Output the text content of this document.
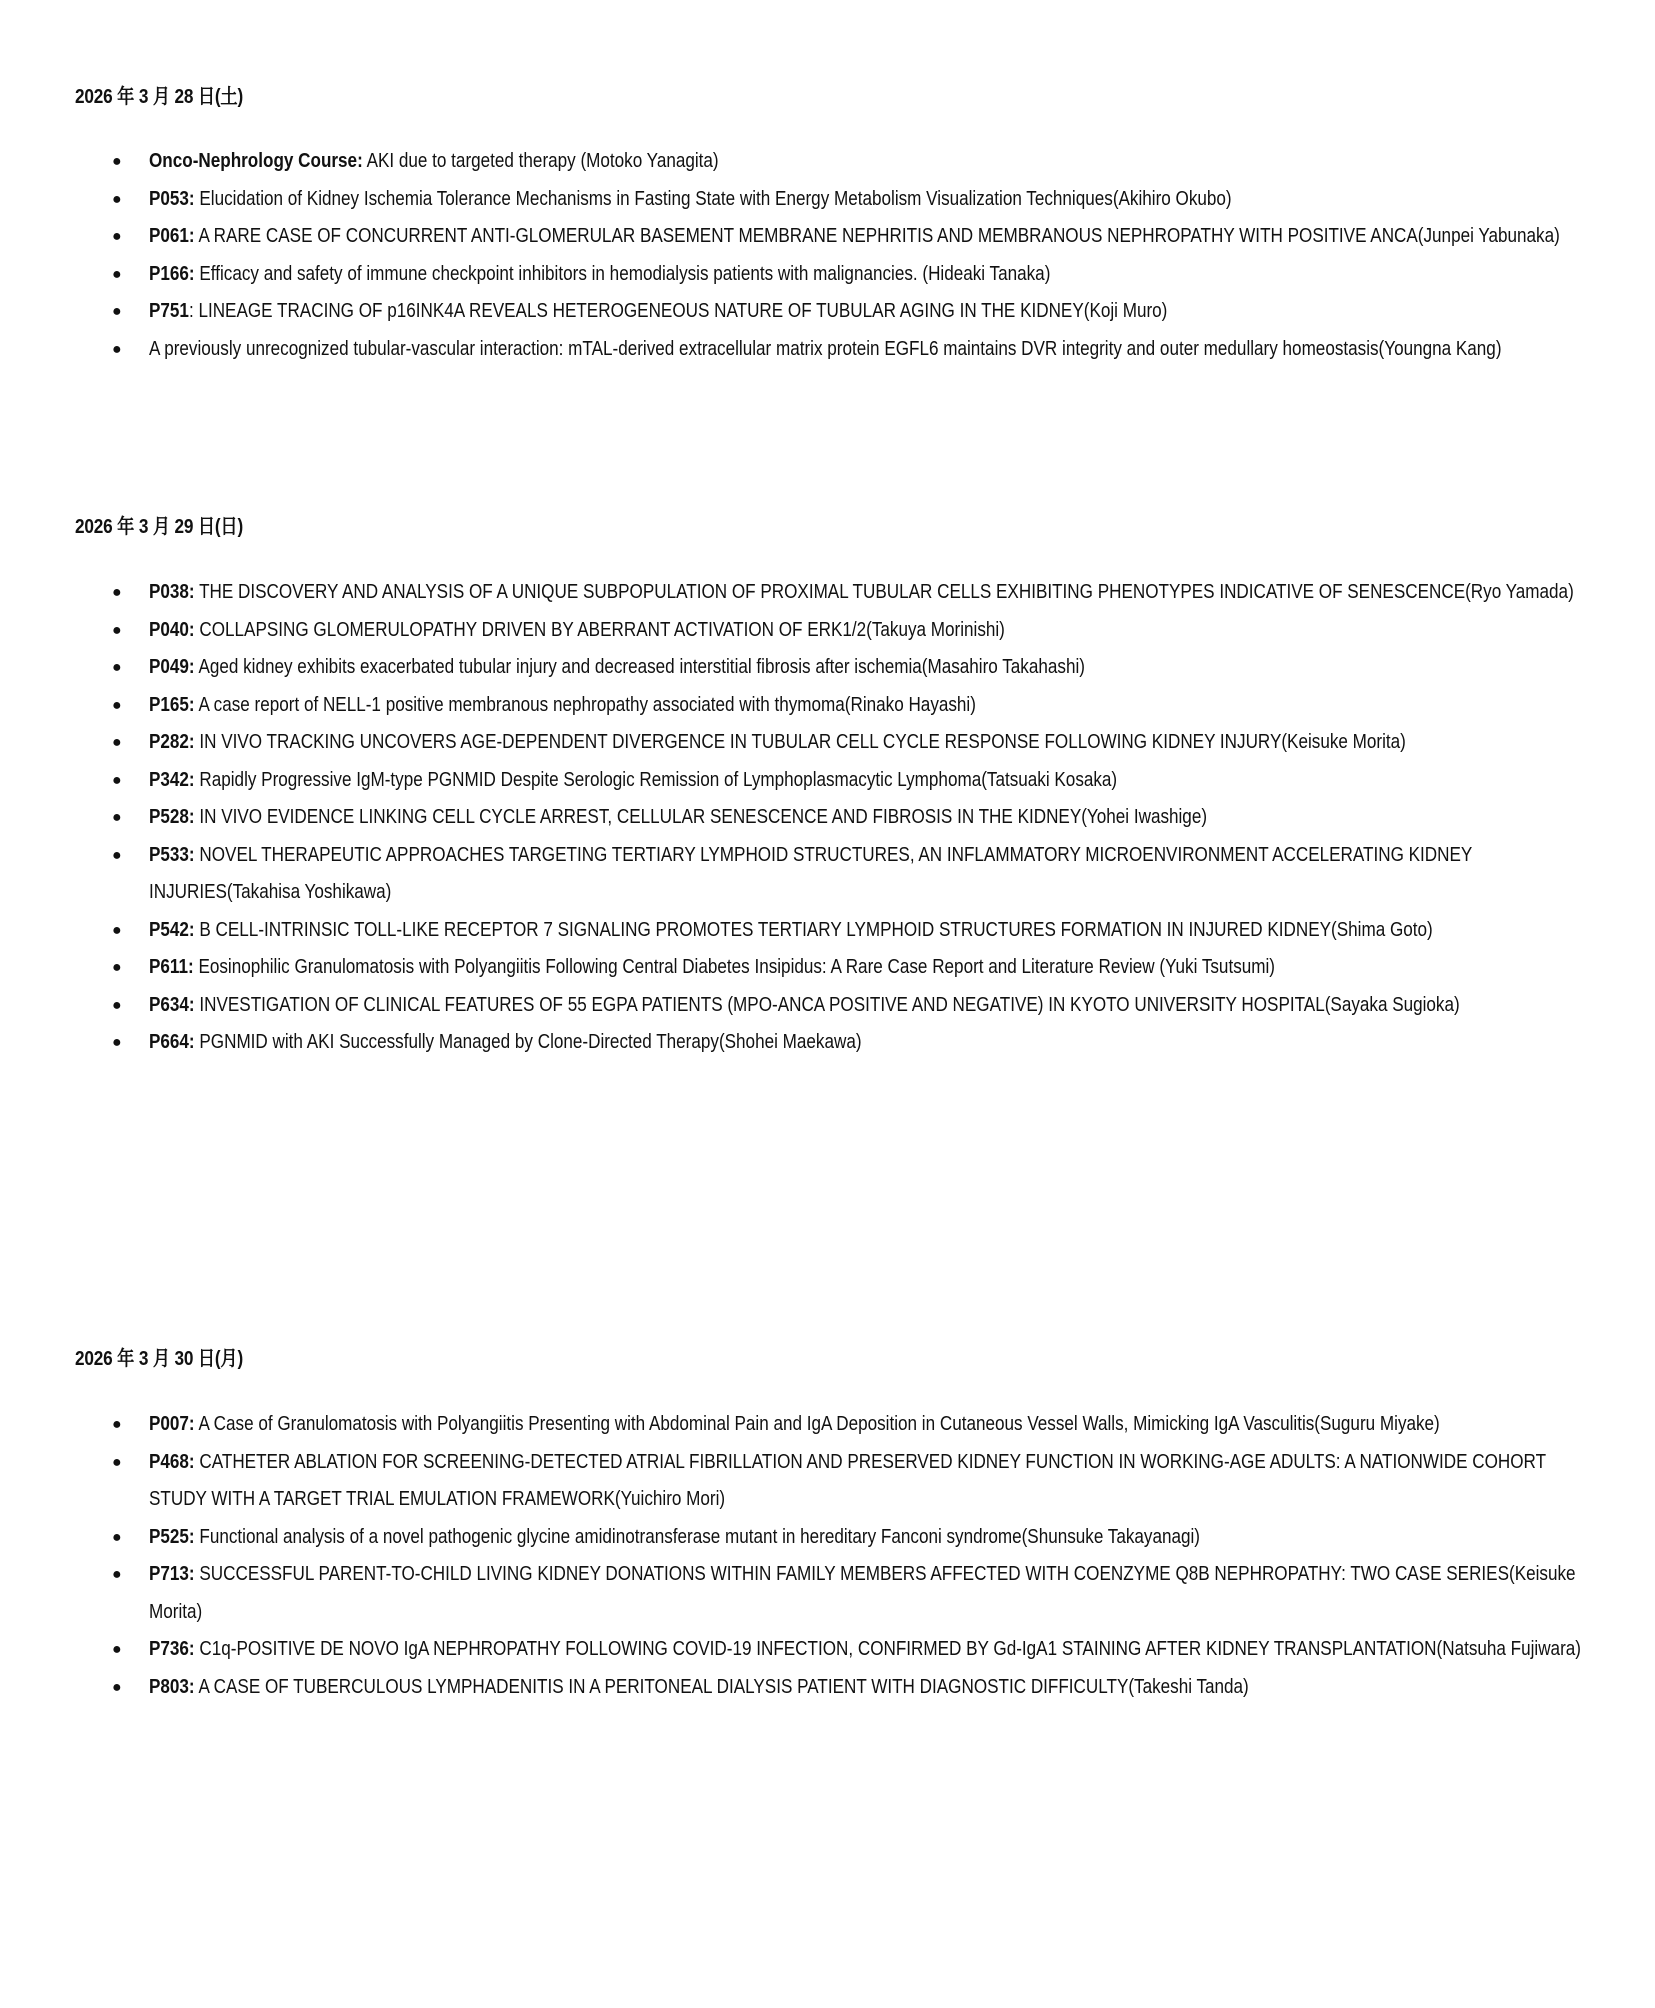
2026 年 3 月 28 日(土)
● Onco-Nephrology Course: AKI due to targeted therapy (Motoko Yanagita)
● P053: Elucidation of Kidney Ischemia Tolerance Mechanisms in Fasting State with Energy Metabolism Visualization Techniques(Akihiro Okubo)
● P061: A RARE CASE OF CONCURRENT ANTI-GLOMERULAR BASEMENT MEMBRANE NEPHRITIS AND MEMBRANOUS NEPHROPATHY WITH POSITIVE ANCA(Junpei Yabunaka)
● P166: Efficacy and safety of immune checkpoint inhibitors in hemodialysis patients with malignancies. (Hideaki Tanaka)
● P751: LINEAGE TRACING OF p16INK4A REVEALS HETEROGENEOUS NATURE OF TUBULAR AGING IN THE KIDNEY(Koji Muro)
● A previously unrecognized tubular-vascular interaction: mTAL-derived extracellular matrix protein EGFL6 maintains DVR integrity and outer medullary homeostasis(Youngna Kang)
2026 年 3 月 29 日(日)
● P038: THE DISCOVERY AND ANALYSIS OF A UNIQUE SUBPOPULATION OF PROXIMAL TUBULAR CELLS EXHIBITING PHENOTYPES INDICATIVE OF SENESCENCE(Ryo Yamada)
● P040: COLLAPSING GLOMERULOPATHY DRIVEN BY ABERRANT ACTIVATION OF ERK1/2(Takuya Morinishi)
● P049: Aged kidney exhibits exacerbated tubular injury and decreased interstitial fibrosis after ischemia(Masahiro Takahashi)
● P165: A case report of NELL-1 positive membranous nephropathy associated with thymoma(Rinako Hayashi)
● P282: IN VIVO TRACKING UNCOVERS AGE-DEPENDENT DIVERGENCE IN TUBULAR CELL CYCLE RESPONSE FOLLOWING KIDNEY INJURY(Keisuke Morita)
● P342: Rapidly Progressive IgM-type PGNMID Despite Serologic Remission of Lymphoplasmacytic Lymphoma(Tatsuaki Kosaka)
● P528: IN VIVO EVIDENCE LINKING CELL CYCLE ARREST, CELLULAR SENESCENCE AND FIBROSIS IN THE KIDNEY(Yohei Iwashige)
● P533: NOVEL THERAPEUTIC APPROACHES TARGETING TERTIARY LYMPHOID STRUCTURES, AN INFLAMMATORY MICROENVIRONMENT ACCELERATING KIDNEY INJURIES(Takahisa Yoshikawa)
● P542: B CELL-INTRINSIC TOLL-LIKE RECEPTOR 7 SIGNALING PROMOTES TERTIARY LYMPHOID STRUCTURES FORMATION IN INJURED KIDNEY(Shima Goto)
● P611: Eosinophilic Granulomatosis with Polyangiitis Following Central Diabetes Insipidus: A Rare Case Report and Literature Review (Yuki Tsutsumi)
● P634: INVESTIGATION OF CLINICAL FEATURES OF 55 EGPA PATIENTS (MPO-ANCA POSITIVE AND NEGATIVE) IN KYOTO UNIVERSITY HOSPITAL(Sayaka Sugioka)
● P664: PGNMID with AKI Successfully Managed by Clone-Directed Therapy(Shohei Maekawa)
2026 年 3 月 30 日(月)
● P007: A Case of Granulomatosis with Polyangiitis Presenting with Abdominal Pain and IgA Deposition in Cutaneous Vessel Walls, Mimicking IgA Vasculitis(Suguru Miyake)
● P468: CATHETER ABLATION FOR SCREENING-DETECTED ATRIAL FIBRILLATION AND PRESERVED KIDNEY FUNCTION IN WORKING-AGE ADULTS: A NATIONWIDE COHORT STUDY WITH A TARGET TRIAL EMULATION FRAMEWORK(Yuichiro Mori)
● P525: Functional analysis of a novel pathogenic glycine amidinotransferase mutant in hereditary Fanconi syndrome(Shunsuke Takayanagi)
● P713: SUCCESSFUL PARENT-TO-CHILD LIVING KIDNEY DONATIONS WITHIN FAMILY MEMBERS AFFECTED WITH COENZYME Q8B NEPHROPATHY: TWO CASE SERIES(Keisuke Morita)
● P736: C1q-POSITIVE DE NOVO IgA NEPHROPATHY FOLLOWING COVID-19 INFECTION, CONFIRMED BY Gd-IgA1 STAINING AFTER KIDNEY TRANSPLANTATION(Natsuha Fujiwara)
● P803: A CASE OF TUBERCULOUS LYMPHADENITIS IN A PERITONEAL DIALYSIS PATIENT WITH DIAGNOSTIC DIFFICULTY(Takeshi Tanda)
